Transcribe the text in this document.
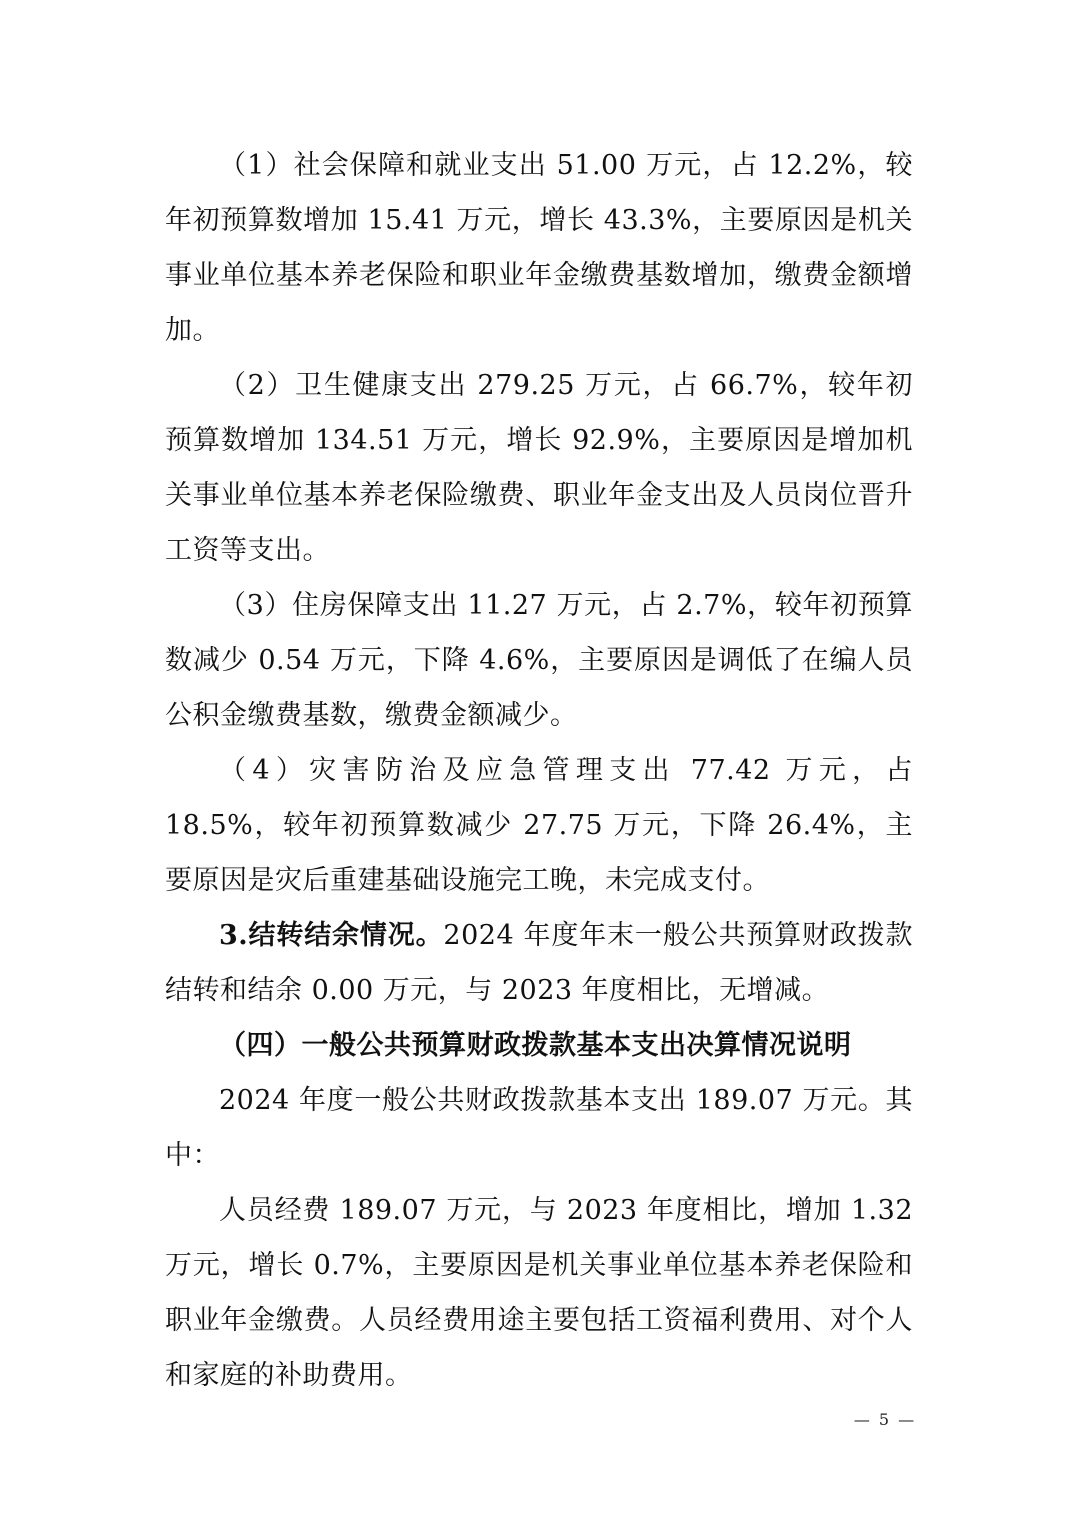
（1）社会保障和就业支出 51.00 万元，占 12.2%，较年初预算数增加 15.41 万元，增长 43.3%，主要原因是机关事业单位基本养老保险和职业年金缴费基数增加，缴费金额增加。

（2）卫生健康支出 279.25 万元，占 66.7%，较年初预算数增加 134.51 万元，增长 92.9%，主要原因是增加机关事业单位基本养老保险缴费、职业年金支出及人员岗位晋升工资等支出。

（3）住房保障支出 11.27 万元，占 2.7%，较年初预算数减少 0.54 万元，下降 4.6%，主要原因是调低了在编人员公积金缴费基数，缴费金额减少。

（4）灾害防治及应急管理支出 77.42 万元，占 18.5%，较年初预算数减少 27.75 万元，下降 26.4%，主要原因是灾后重建基础设施完工晚，未完成支付。

3.结转结余情况。2024 年度年末一般公共预算财政拨款结转和结余 0.00 万元，与 2023 年度相比，无增减。

（四）一般公共预算财政拨款基本支出决算情况说明

2024 年度一般公共财政拨款基本支出 189.07 万元。其中：

人员经费 189.07 万元，与 2023 年度相比，增加 1.32 万元，增长 0.7%，主要原因是机关事业单位基本养老保险和职业年金缴费。人员经费用途主要包括工资福利费用、对个人和家庭的补助费用。

— 5 —
